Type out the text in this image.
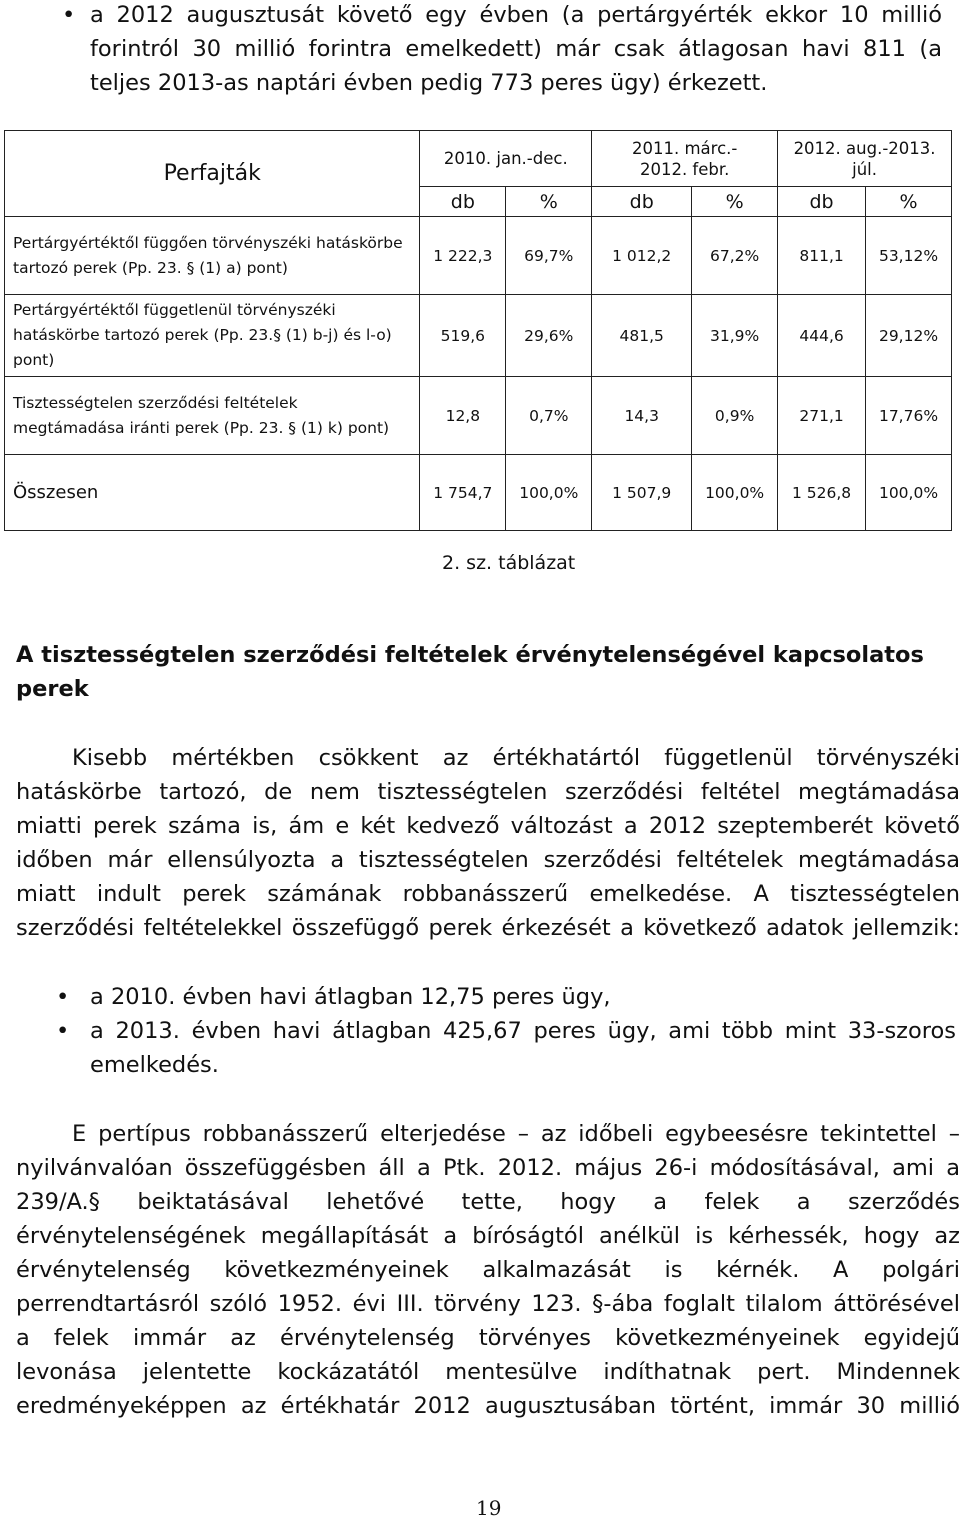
• a 2012 augusztusát követő egy évben (a pertárgyérték ekkor 10 millió
forintról 30 millió forintra emelkedett) már csak átlagosan havi 811 (a
teljes 2013-as naptári évben pedig 773 peres ügy) érkezett.
Perfajták	2010. jan.-dec.		2011. márc.-
2012. febr.		2012. aug.-2013.
júl.	
	db	%	db	%	db	%
Pertárgyértéktől függően törvényszéki hatáskörbe tartozó perek (Pp. 23. § (1) a) pont)	1 222,3	69,7%	1 012,2	67,2%	811,1	53,12%
Pertárgyértéktől függetlenül törvényszéki hatáskörbe tartozó perek (Pp. 23.§ (1) b-j) és l-o) pont)	519,6	29,6%	481,5	31,9%	444,6	29,12%
Tisztességtelen szerződési feltételek megtámadása iránti perek (Pp. 23. § (1) k) pont)	12,8	0,7%	14,3	0,9%	271,1	17,76%
Összesen	1 754,7	100,0%	1 507,9	100,0%	1 526,8	100,0%
2. sz. táblázat
A tisztességtelen szerződési feltételek érvénytelenségével kapcsolatos perek
Kisebb mértékben csökkent az értékhatártól függetlenül törvényszéki
hatáskörbe tartozó, de nem tisztességtelen szerződési feltétel megtámadása
miatti perek száma is, ám e két kedvező változást a 2012 szeptemberét követő
időben már ellensúlyozta a tisztességtelen szerződési feltételek megtámadása
miatt indult perek számának robbanásszerű emelkedése. A tisztességtelen
szerződési feltételekkel összefüggő perek érkezését a következő adatok jellemzik:
• a 2010. évben havi átlagban 12,75 peres ügy,
• a 2013. évben havi átlagban 425,67 peres ügy, ami több mint 33-szoros
emelkedés.
E pertípus robbanásszerű elterjedése – az időbeli egybeesésre tekintettel –
nyilvánvalóan összefüggésben áll a Ptk. 2012. május 26-i módosításával, ami a
239/A.§ beiktatásával lehetővé tette, hogy a felek a szerződés
érvénytelenségének megállapítását a bíróságtól anélkül is kérhessék, hogy az
érvénytelenség következményeinek alkalmazását is kérnék. A polgári
perrendtartásról szóló 1952. évi III. törvény 123. §-ába foglalt tilalom áttörésével
a felek immár az érvénytelenség törvényes következményeinek egyidejű
levonása jelentette kockázatától mentesülve indíthatnak pert. Mindennek
eredményeképpen az értékhatár 2012 augusztusában történt, immár 30 millió
19
